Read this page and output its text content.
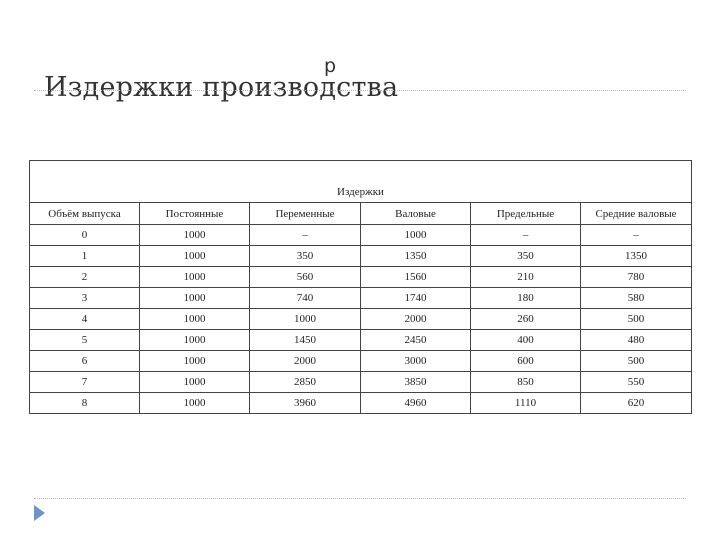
p
Издержки производства
Издержки					
Объём выпуска	Постоянные	Переменные	Валовые	Предельные	Средние валовые
0	1000	–	1000	–	–
1	1000	350	1350	350	1350
2	1000	560	1560	210	780
3	1000	740	1740	180	580
4	1000	1000	2000	260	500
5	1000	1450	2450	400	480
6	1000	2000	3000	600	500
7	1000	2850	3850	850	550
8	1000	3960	4960	1110	620
